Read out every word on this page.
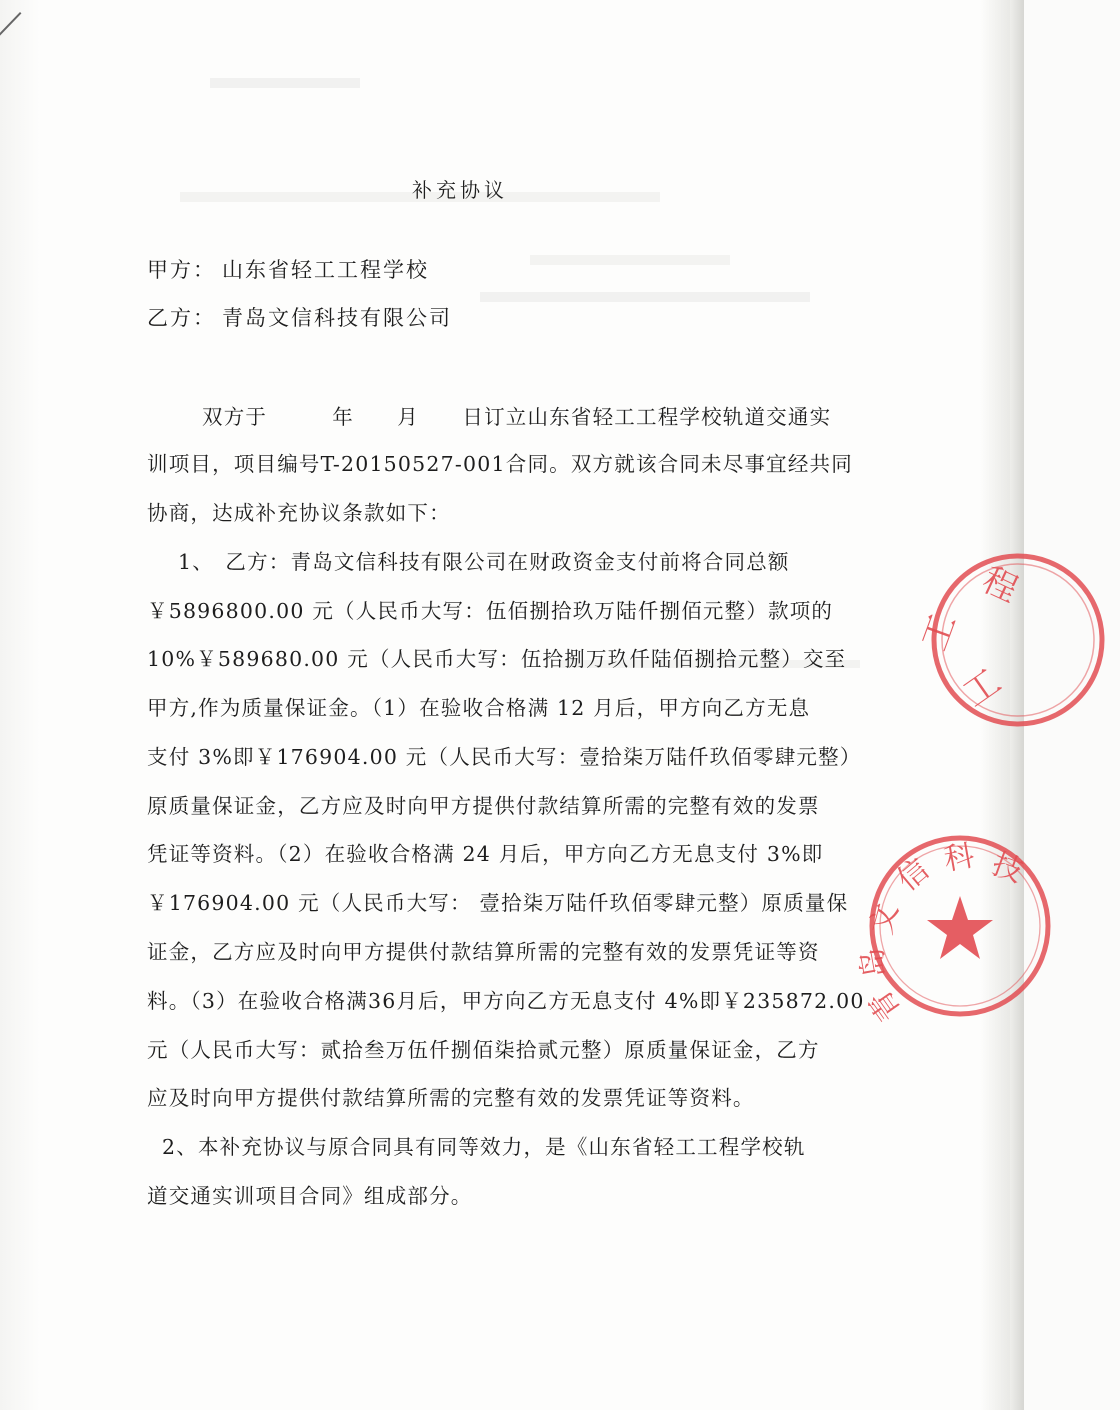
补充协议
甲方： 山东省轻工工程学校
乙方： 青岛文信科技有限公司
双方于　　　年　　月　　日订立山东省轻工工程学校轨道交通实
训项目，项目编号T-20150527-001合同。双方就该合同未尽事宜经共同
协商，达成补充协议条款如下：
1、　乙方：青岛文信科技有限公司在财政资金支付前将合同总额
￥5896800.00 元（人民币大写：伍佰捌拾玖万陆仟捌佰元整）款项的
10%￥589680.00 元（人民币大写：伍拾捌万玖仟陆佰捌拾元整）交至
甲方,作为质量保证金。（1）在验收合格满 12 月后，甲方向乙方无息
支付 3%即￥176904.00 元（人民币大写：壹拾柒万陆仟玖佰零肆元整）
原质量保证金，乙方应及时向甲方提供付款结算所需的完整有效的发票
凭证等资料。（2）在验收合格满 24 月后，甲方向乙方无息支付 3%即
￥176904.00 元（人民币大写： 壹拾柒万陆仟玖佰零肆元整）原质量保
证金，乙方应及时向甲方提供付款结算所需的完整有效的发票凭证等资
料。（3）在验收合格满36月后，甲方向乙方无息支付 4%即￥235872.00
元（人民币大写：贰拾叁万伍仟捌佰柒拾贰元整）原质量保证金，乙方
应及时向甲方提供付款结算所需的完整有效的发票凭证等资料。
2、本补充协议与原合同具有同等效力，是《山东省轻工工程学校轨
道交通实训项目合同》组成部分。
程
工
工
信 科 技
文
岛
青
